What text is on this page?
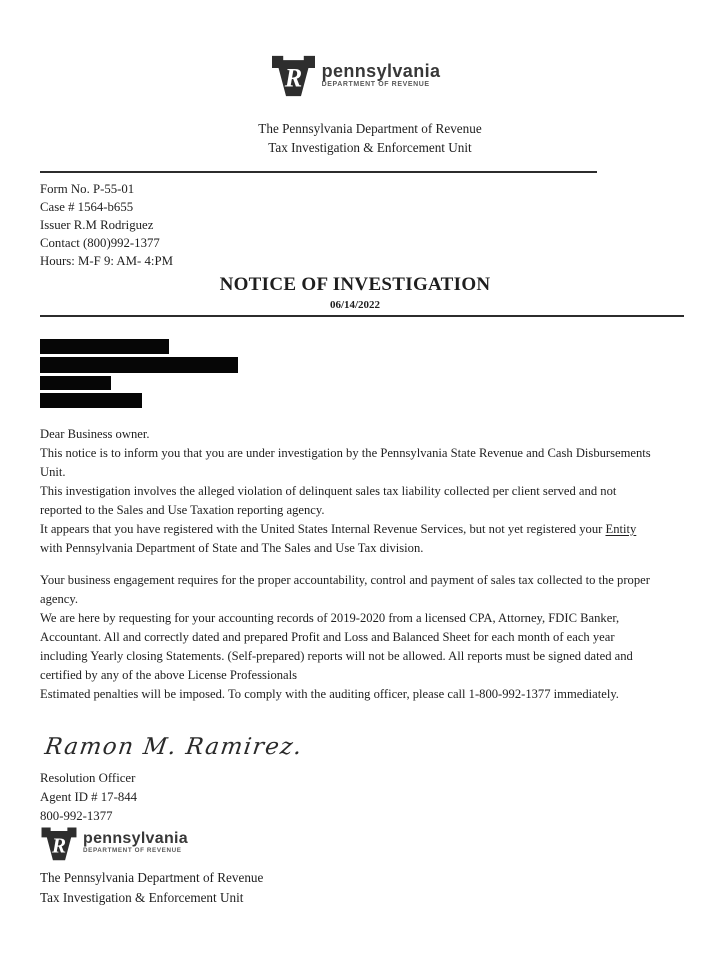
R pennsylvania
DEPARTMENT OF REVENUE
The Pennsylvania Department of Revenue
Tax Investigation & Enforcement Unit
Form No. P-55-01
Case # 1564-b655
Issuer R.M Rodriguez
Contact (800)992-1377
Hours: M-F 9: AM- 4:PM
NOTICE OF INVESTIGATION
06/14/2022
Dear Business owner.
This notice is to inform you that you are under investigation by the Pennsylvania State Revenue and Cash Disbursements
Unit.
This investigation involves the alleged violation of delinquent sales tax liability collected per client served and not
reported to the Sales and Use Taxation reporting agency.
It appears that you have registered with the United States Internal Revenue Services, but not yet registered your Entity
with Pennsylvania Department of State and The Sales and Use Tax division.
Your business engagement requires for the proper accountability, control and payment of sales tax collected to the proper
agency.
We are here by requesting for your accounting records of 2019-2020 from a licensed CPA, Attorney, FDIC Banker,
Accountant. All and correctly dated and prepared Profit and Loss and Balanced Sheet for each month of each year
including Yearly closing Statements. (Self-prepared) reports will not be allowed. All reports must be signed dated and
certified by any of the above License Professionals
Estimated penalties will be imposed. To comply with the auditing officer, please call 1-800-992-1377 immediately.
Ramon M. Ramirez.
Resolution Officer
Agent ID # 17-844
800-992-1377
R pennsylvania
DEPARTMENT OF REVENUE
The Pennsylvania Department of Revenue
Tax Investigation & Enforcement Unit
